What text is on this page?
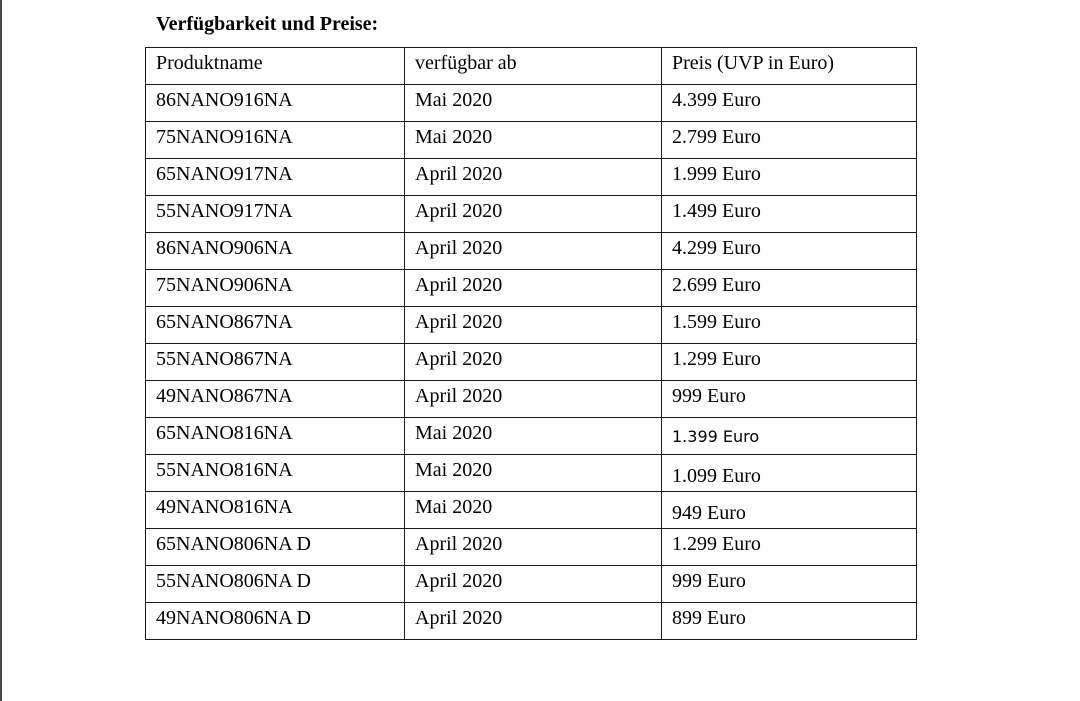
Verfügbarkeit und Preise:
Produktname	verfügbar ab	Preis (UVP in Euro)
86NANO916NA	Mai 2020	4.399 Euro
75NANO916NA	Mai 2020	2.799 Euro
65NANO917NA	April 2020	1.999 Euro
55NANO917NA	April 2020	1.499 Euro
86NANO906NA	April 2020	4.299 Euro
75NANO906NA	April 2020	2.699 Euro
65NANO867NA	April 2020	1.599 Euro
55NANO867NA	April 2020	1.299 Euro
49NANO867NA	April 2020	999 Euro
65NANO816NA	Mai 2020	1.399 Euro
55NANO816NA	Mai 2020	1.099 Euro
49NANO816NA	Mai 2020	949 Euro
65NANO806NA D	April 2020	1.299 Euro
55NANO806NA D	April 2020	999 Euro
49NANO806NA D	April 2020	899 Euro
